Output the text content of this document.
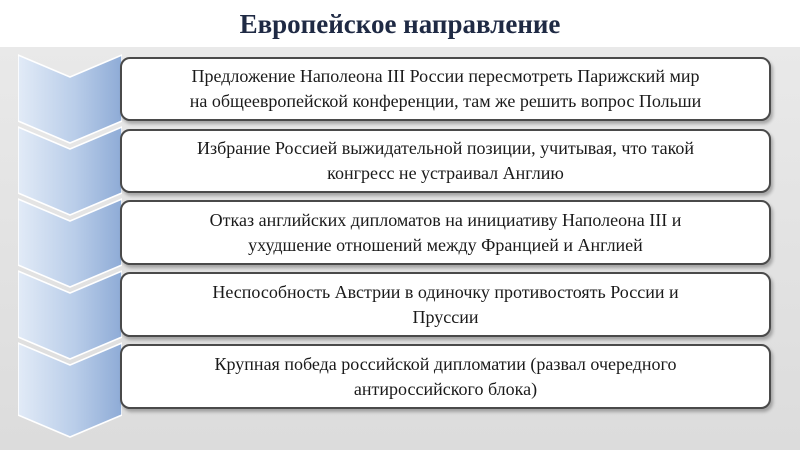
Европейское направление
Предложение Наполеона III России пересмотреть Парижский мир
на общеевропейской конференции, там же решить вопрос Польши
Избрание Россией выжидательной позиции, учитывая, что такой
конгресс не устраивал Англию
Отказ английских дипломатов на инициативу Наполеона III и
ухудшение отношений между Францией и Англией
Неспособность Австрии в одиночку противостоять России и
Пруссии
Крупная победа российской дипломатии (развал очередного
антироссийского блока)
